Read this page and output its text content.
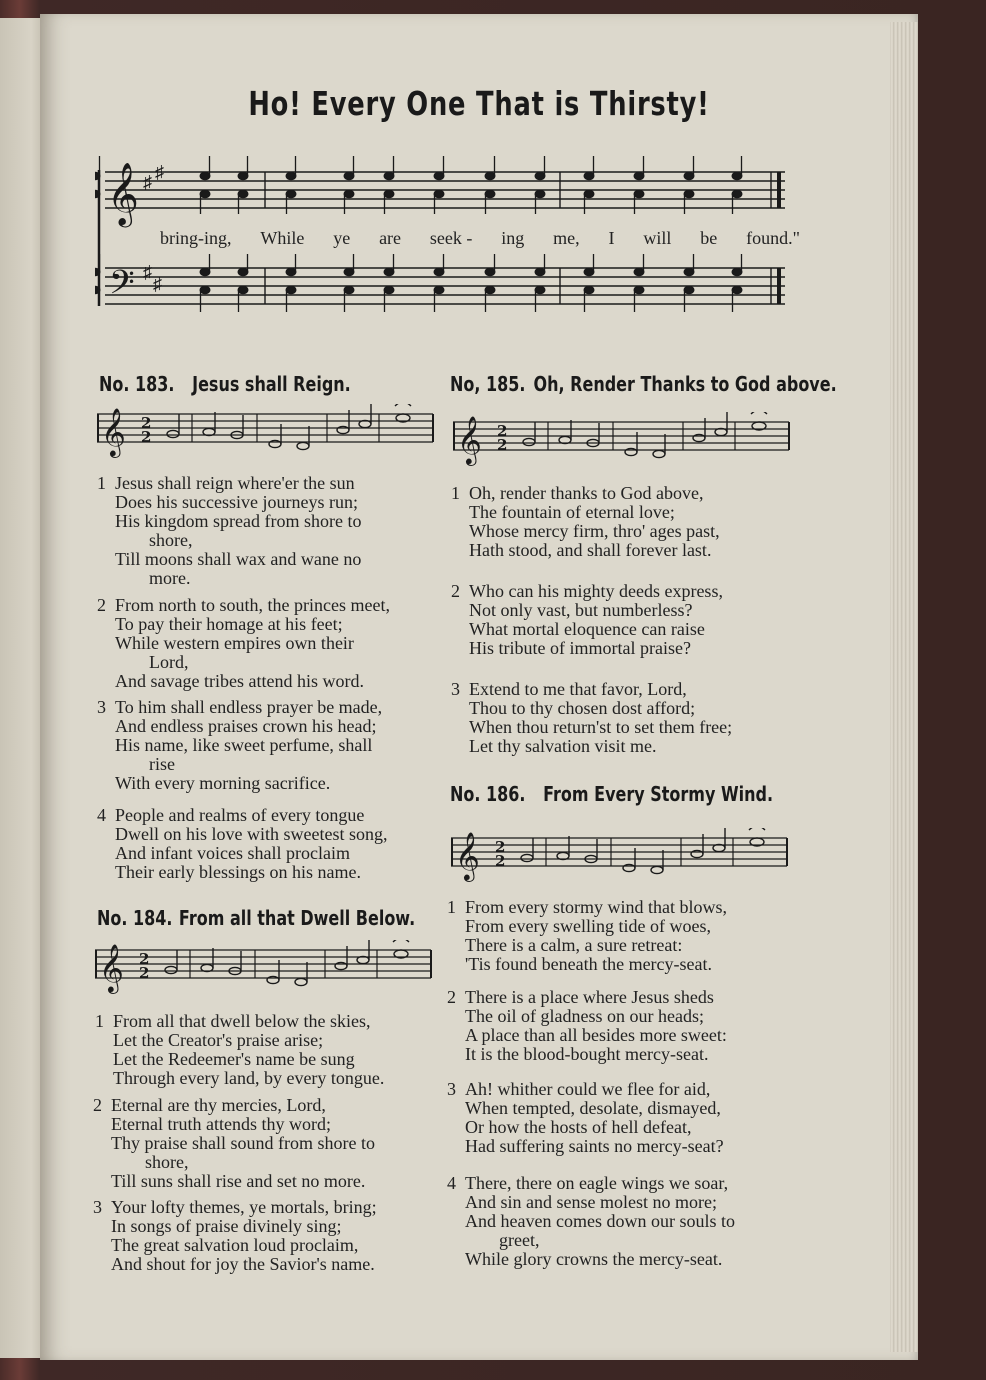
Ho! Every One That is Thirsty!
𝄞
𝄢
♯ ♯
♯
♯
bring-ing, While ye are seek - ing me, I will be found."
No. 183. Jesus shall Reign.
1 Jesus shall reign where'er the sun
Does his successive journeys run;
His kingdom spread from shore to
shore,
Till moons shall wax and wane no
more.
2 From north to south, the princes meet,
To pay their homage at his feet;
While western empires own their
Lord,
And savage tribes attend his word.
3 To him shall endless prayer be made,
And endless praises crown his head;
His name, like sweet perfume, shall
rise
With every morning sacrifice.
4 People and realms of every tongue
Dwell on his love with sweetest song,
And infant voices shall proclaim
Their early blessings on his name.
No. 184. From all that Dwell Below.
1 From all that dwell below the skies,
Let the Creator's praise arise;
Let the Redeemer's name be sung
Through every land, by every tongue.
2 Eternal are thy mercies, Lord,
Eternal truth attends thy word;
Thy praise shall sound from shore to
shore,
Till suns shall rise and set no more.
3 Your lofty themes, ye mortals, bring;
In songs of praise divinely sing;
The great salvation loud proclaim,
And shout for joy the Savior's name.
No, 185. Oh, Render Thanks to God above.
1 Oh, render thanks to God above,
The fountain of eternal love;
Whose mercy firm, thro' ages past,
Hath stood, and shall forever last.
2 Who can his mighty deeds express,
Not only vast, but numberless?
What mortal eloquence can raise
His tribute of immortal praise?
3 Extend to me that favor, Lord,
Thou to thy chosen dost afford;
When thou return'st to set them free;
Let thy salvation visit me.
No. 186. From Every Stormy Wind.
1 From every stormy wind that blows,
From every swelling tide of woes,
There is a calm, a sure retreat:
'Tis found beneath the mercy-seat.
2 There is a place where Jesus sheds
The oil of gladness on our heads;
A place than all besides more sweet:
It is the blood-bought mercy-seat.
3 Ah! whither could we flee for aid,
When tempted, desolate, dismayed,
Or how the hosts of hell defeat,
Had suffering saints no mercy-seat?
4 There, there on eagle wings we soar,
And sin and sense molest no more;
And heaven comes down our souls to
greet,
While glory crowns the mercy-seat.
